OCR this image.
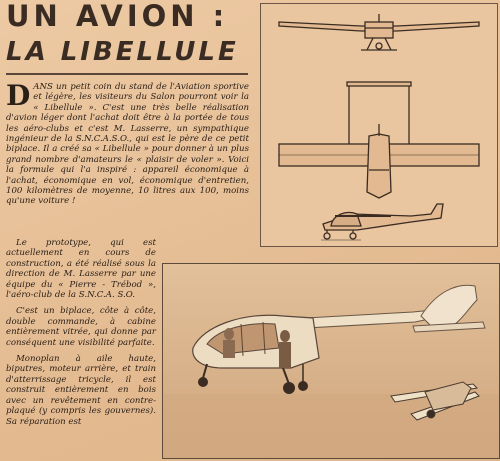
UN AVION :
LA LIBELLULE

DANS un petit coin du stand de l'Aviation sportive et légère, les visiteurs du Salon pourront voir la « Libellule ». C'est une très belle réalisation d'avion léger dont l'achat doit être à la portée de tous les aéro-clubs et c'est M. Lasserre, un sympathique ingénieur de la S.N.C.A.S.O., qui est le père de ce petit biplace. Il a créé sa « Libellule » pour donner à un plus grand nombre d'amateurs le « plaisir de voler ». Voici la formule qui l'a inspiré : appareil économique à l'achat, économique en vol, économique d'entretien, 100 kilomètres de moyenne, 10 litres aux 100, moins qu'une voiture !

Le prototype, qui est actuellement en cours de construction, a été réalisé sous la direction de M. Lasserre par une équipe du « Pierre - Trébod », l'aéro-club de la S.N.C.A. S.O.

C'est un biplace, côte à côte, double commande, à cabine entièrement vitrée, qui donne par conséquent une visibilité parfaite.

Monoplan à aile haute, biputres, moteur arrière, et train d'atterrissage tricycle, il est construit entièrement en bois avec un revêtement en contre-plaqué (y compris les gouvernes). Sa réparation est
